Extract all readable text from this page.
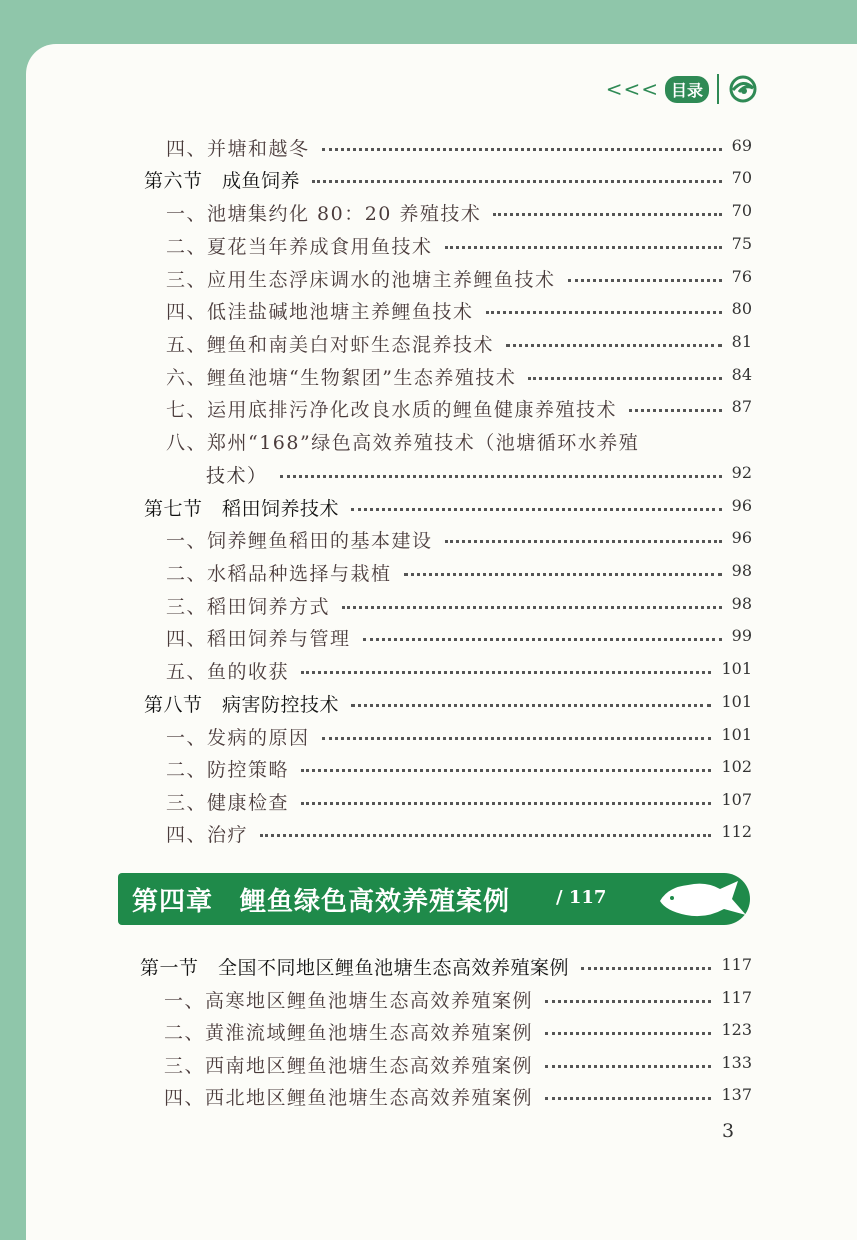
<<< 目录
四、并塘和越冬	69
第六节　成鱼饲养	70
一、池塘集约化 80：20 养殖技术	70
二、夏花当年养成食用鱼技术	75
三、应用生态浮床调水的池塘主养鲤鱼技术	76
四、低洼盐碱地池塘主养鲤鱼技术	80
五、鲤鱼和南美白对虾生态混养技术	81
六、鲤鱼池塘“生物絮团”生态养殖技术	84
七、运用底排污净化改良水质的鲤鱼健康养殖技术	87
八、郑州“168”绿色高效养殖技术（池塘循环水养殖
技术）	92
第七节　稻田饲养技术	96
一、饲养鲤鱼稻田的基本建设	96
二、水稻品种选择与栽植	98
三、稻田饲养方式	98
四、稻田饲养与管理	99
五、鱼的收获	101
第八节　病害防控技术	101
一、发病的原因	101
二、防控策略	102
三、健康检查	107
四、治疗	112
第四章　鲤鱼绿色高效养殖案例	/ 117
第一节　全国不同地区鲤鱼池塘生态高效养殖案例	117
一、高寒地区鲤鱼池塘生态高效养殖案例	117
二、黄淮流域鲤鱼池塘生态高效养殖案例	123
三、西南地区鲤鱼池塘生态高效养殖案例	133
四、西北地区鲤鱼池塘生态高效养殖案例	137
3
